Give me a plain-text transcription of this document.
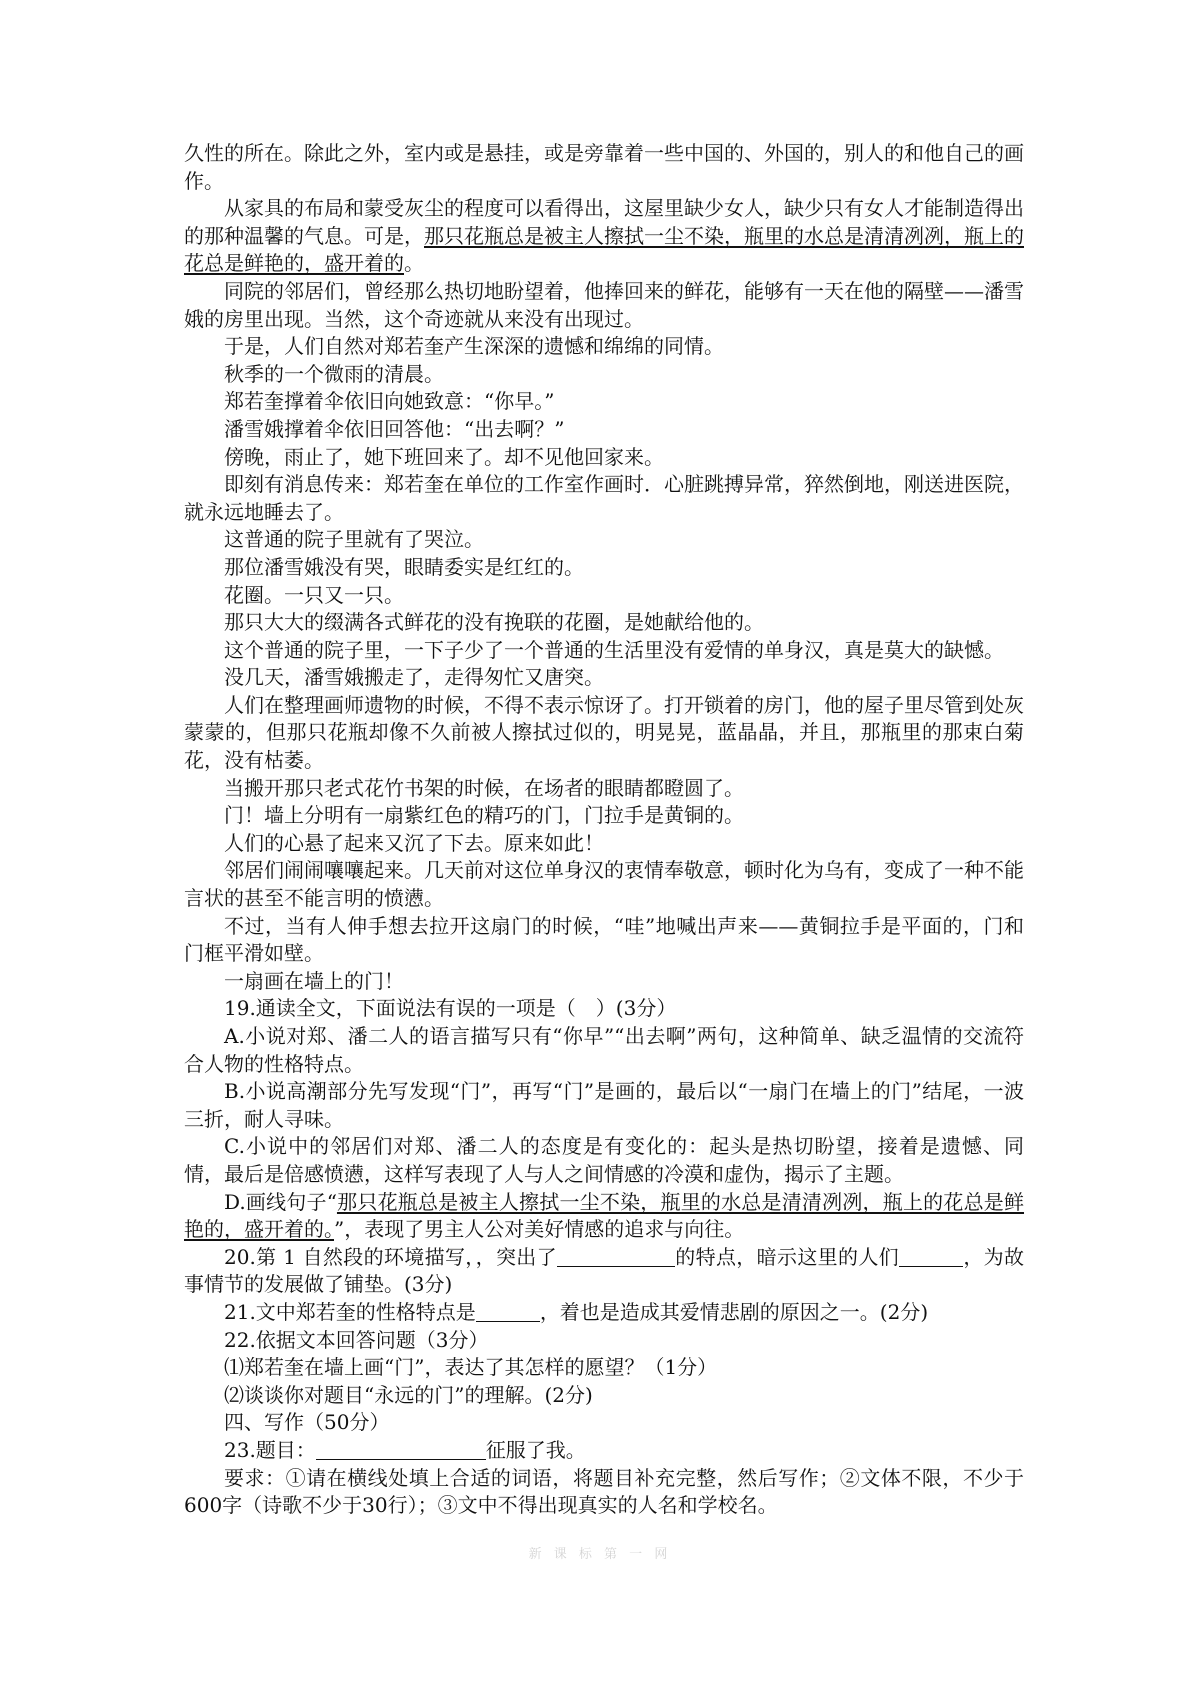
久性的所在。除此之外，室内或是悬挂，或是旁靠着一些中国的、外国的，别人的和他自己的画作。

从家具的布局和蒙受灰尘的程度可以看得出，这屋里缺少女人，缺少只有女人才能制造得出的那种温馨的气息。可是，那只花瓶总是被主人擦拭一尘不染，瓶里的水总是清清冽冽，瓶上的花总是鲜艳的，盛开着的。

同院的邻居们，曾经那么热切地盼望着，他捧回来的鲜花，能够有一天在他的隔壁——潘雪娥的房里出现。当然，这个奇迹就从来没有出现过。

于是，人们自然对郑若奎产生深深的遗憾和绵绵的同情。

秋季的一个微雨的清晨。

郑若奎撑着伞依旧向她致意：“你早。”

潘雪娥撑着伞依旧回答他：“出去啊？”

傍晚，雨止了，她下班回来了。却不见他回家来。

即刻有消息传来：郑若奎在单位的工作室作画时．心脏跳搏异常，猝然倒地，刚送进医院，就永远地睡去了。

这普通的院子里就有了哭泣。

那位潘雪娥没有哭，眼睛委实是红红的。

花圈。一只又一只。

那只大大的缀满各式鲜花的没有挽联的花圈，是她献给他的。

这个普通的院子里，一下子少了一个普通的生活里没有爱情的单身汉，真是莫大的缺憾。

没几天，潘雪娥搬走了，走得匆忙又唐突。

人们在整理画师遗物的时候，不得不表示惊讶了。打开锁着的房门，他的屋子里尽管到处灰蒙蒙的，但那只花瓶却像不久前被人擦拭过似的，明晃晃，蓝晶晶，并且，那瓶里的那束白菊花，没有枯萎。

当搬开那只老式花竹书架的时候，在场者的眼睛都瞪圆了。

门！墙上分明有一扇紫红色的精巧的门，门拉手是黄铜的。

人们的心悬了起来又沉了下去。原来如此！

邻居们闹闹嚷嚷起来。几天前对这位单身汉的衷情奉敬意，顿时化为乌有，变成了一种不能言状的甚至不能言明的愤懑。

不过，当有人伸手想去拉开这扇门的时候，“哇”地喊出声来——黄铜拉手是平面的，门和门框平滑如壁。

一扇画在墙上的门！

19.通读全文，下面说法有误的一项是（　）(3分）

A.小说对郑、潘二人的语言描写只有“你早”“出去啊”两句，这种简单、缺乏温情的交流符合人物的性格特点。

B.小说高潮部分先写发现“门”，再写“门”是画的，最后以“一扇门在墙上的门”结尾，一波三折，耐人寻味。

C.小说中的邻居们对郑、潘二人的态度是有变化的：起头是热切盼望，接着是遗憾、同情，最后是倍感愤懑，这样写表现了人与人之间情感的冷漠和虚伪，揭示了主题。

D.画线句子“那只花瓶总是被主人擦拭一尘不染，瓶里的水总是清清冽冽，瓶上的花总是鲜艳的，盛开着的。”，表现了男主人公对美好情感的追求与向往。

20.第 1 自然段的环境描写，，突出了	的特点，暗示这里的人们	，为故事情节的发展做了铺垫。(3分)

21.文中郑若奎的性格特点是	，着也是造成其爱情悲剧的原因之一。(2分)

22.依据文本回答问题（3分）

⑴郑若奎在墙上画“门”，表达了其怎样的愿望？（1分）

⑵谈谈你对题目“永远的门”的理解。(2分)

四、写作（50分）

23.题目：	征服了我。

要求：①请在横线处填上合适的词语，将题目补充完整，然后写作；②文体不限，不少于600字（诗歌不少于30行）；③文中不得出现真实的人名和学校名。

新 课 标 第 一 网
